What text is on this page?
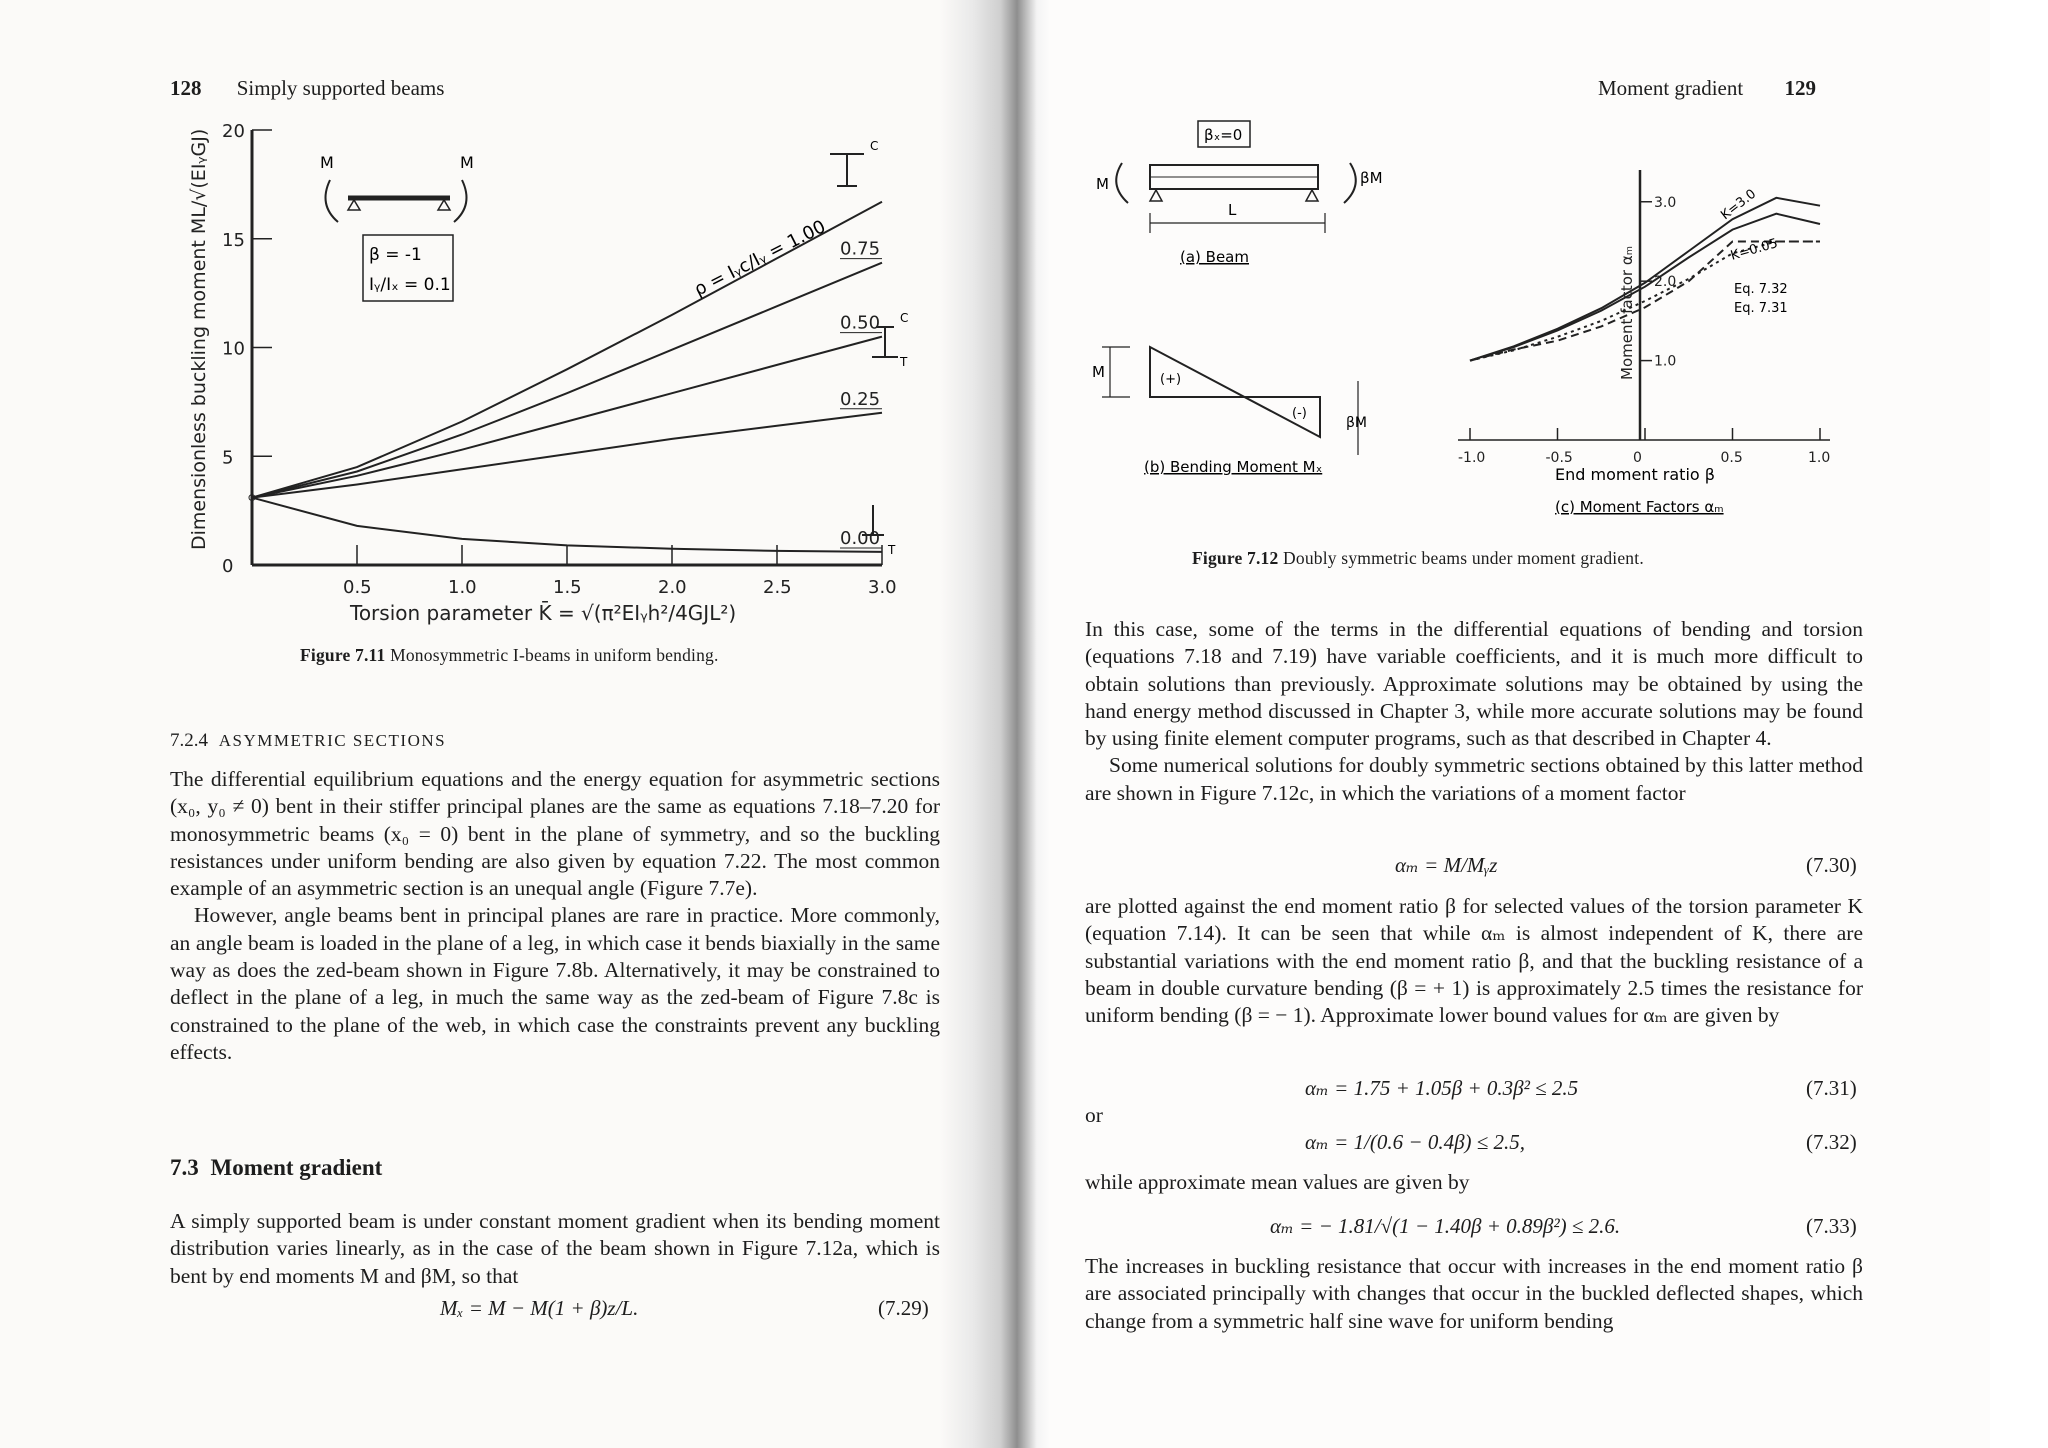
128 Simply supported beams
0.5	1.0	1.5	2.0	2.5	3.0
0
5
10
15
20
0.75
0.50
0.25
0.00
Dimensionless buckling moment ML/√(EIᵧGJ)
Torsion parameter K̄ = √(π²EIᵧh²/4GJL²)
M	M
β = -1
Iᵧ/Iₓ = 0.1	ρ = Iᵧc/Iᵧ = 1.00
C
C
T
T
Figure 7.11 Monosymmetric I-beams in uniform bending.
7.2.4 ASYMMETRIC SECTIONS

The differential equilibrium equations and the energy equation for asymmetric sections (x₀, y₀ ≠ 0) bent in their stiffer principal planes are the same as equations 7.18–7.20 for monosymmetric beams (x₀ = 0) bent in the plane of symmetry, and so the buckling resistances under uniform bending are also given by equation 7.22. The most common example of an asymmetric section is an unequal angle (Figure 7.7e).

However, angle beams bent in principal planes are rare in practice. More commonly, an angle beam is loaded in the plane of a leg, in which case it bends biaxially in the same way as does the zed-beam shown in Figure 7.8b. Alternatively, it may be constrained to deflect in the plane of a leg, in much the same way as the zed-beam of Figure 7.8c is constrained to the plane of the web, in which case the constraints prevent any buckling effects.

7.3 Moment gradient

A simply supported beam is under constant moment gradient when its bending moment distribution varies linearly, as in the case of the beam shown in Figure 7.12a, which is bent by end moments M and βM, so that

Mₓ = M − M(1 + β)z/L.	(7.29)
Moment gradient 129
βₓ=0
M	βM
L
(a) Beam
M	(+)
(-)
βM
(b) Bending Moment Mₓ	-1.0	-0.5	0	0.5	1.0
1.0
2.0
3.0
Moment factor αₘ
End moment ratio β
(c) Moment Factors αₘ
K=3.0
K=0.05
Eq. 7.32
Eq. 7.31
Figure 7.12 Doubly symmetric beams under moment gradient.

In this case, some of the terms in the differential equations of bending and torsion (equations 7.18 and 7.19) have variable coefficients, and it is much more difficult to obtain solutions than previously. Approximate solutions may be obtained by using the hand energy method discussed in Chapter 3, while more accurate solutions may be found by using finite element computer programs, such as that described in Chapter 4.

Some numerical solutions for doubly symmetric sections obtained by this latter method are shown in Figure 7.12c, in which the variations of a moment factor

αₘ = M/Mᵧz	(7.30)

are plotted against the end moment ratio β for selected values of the torsion parameter K (equation 7.14). It can be seen that while αₘ is almost independent of K, there are substantial variations with the end moment ratio β, and that the buckling resistance of a beam in double curvature bending (β = + 1) is approximately 2.5 times the resistance for uniform bending (β = − 1). Approximate lower bound values for αₘ are given by

αₘ = 1.75 + 1.05β + 0.3β² ≤ 2.5	(7.31)
or
αₘ = 1/(0.6 − 0.4β) ≤ 2.5,	(7.32)
while approximate mean values are given by
αₘ = − 1.81/√(1 − 1.40β + 0.89β²) ≤ 2.6.	(7.33)

The increases in buckling resistance that occur with increases in the end moment ratio β are associated principally with changes that occur in the buckled deflected shapes, which change from a symmetric half sine wave for uniform bending
